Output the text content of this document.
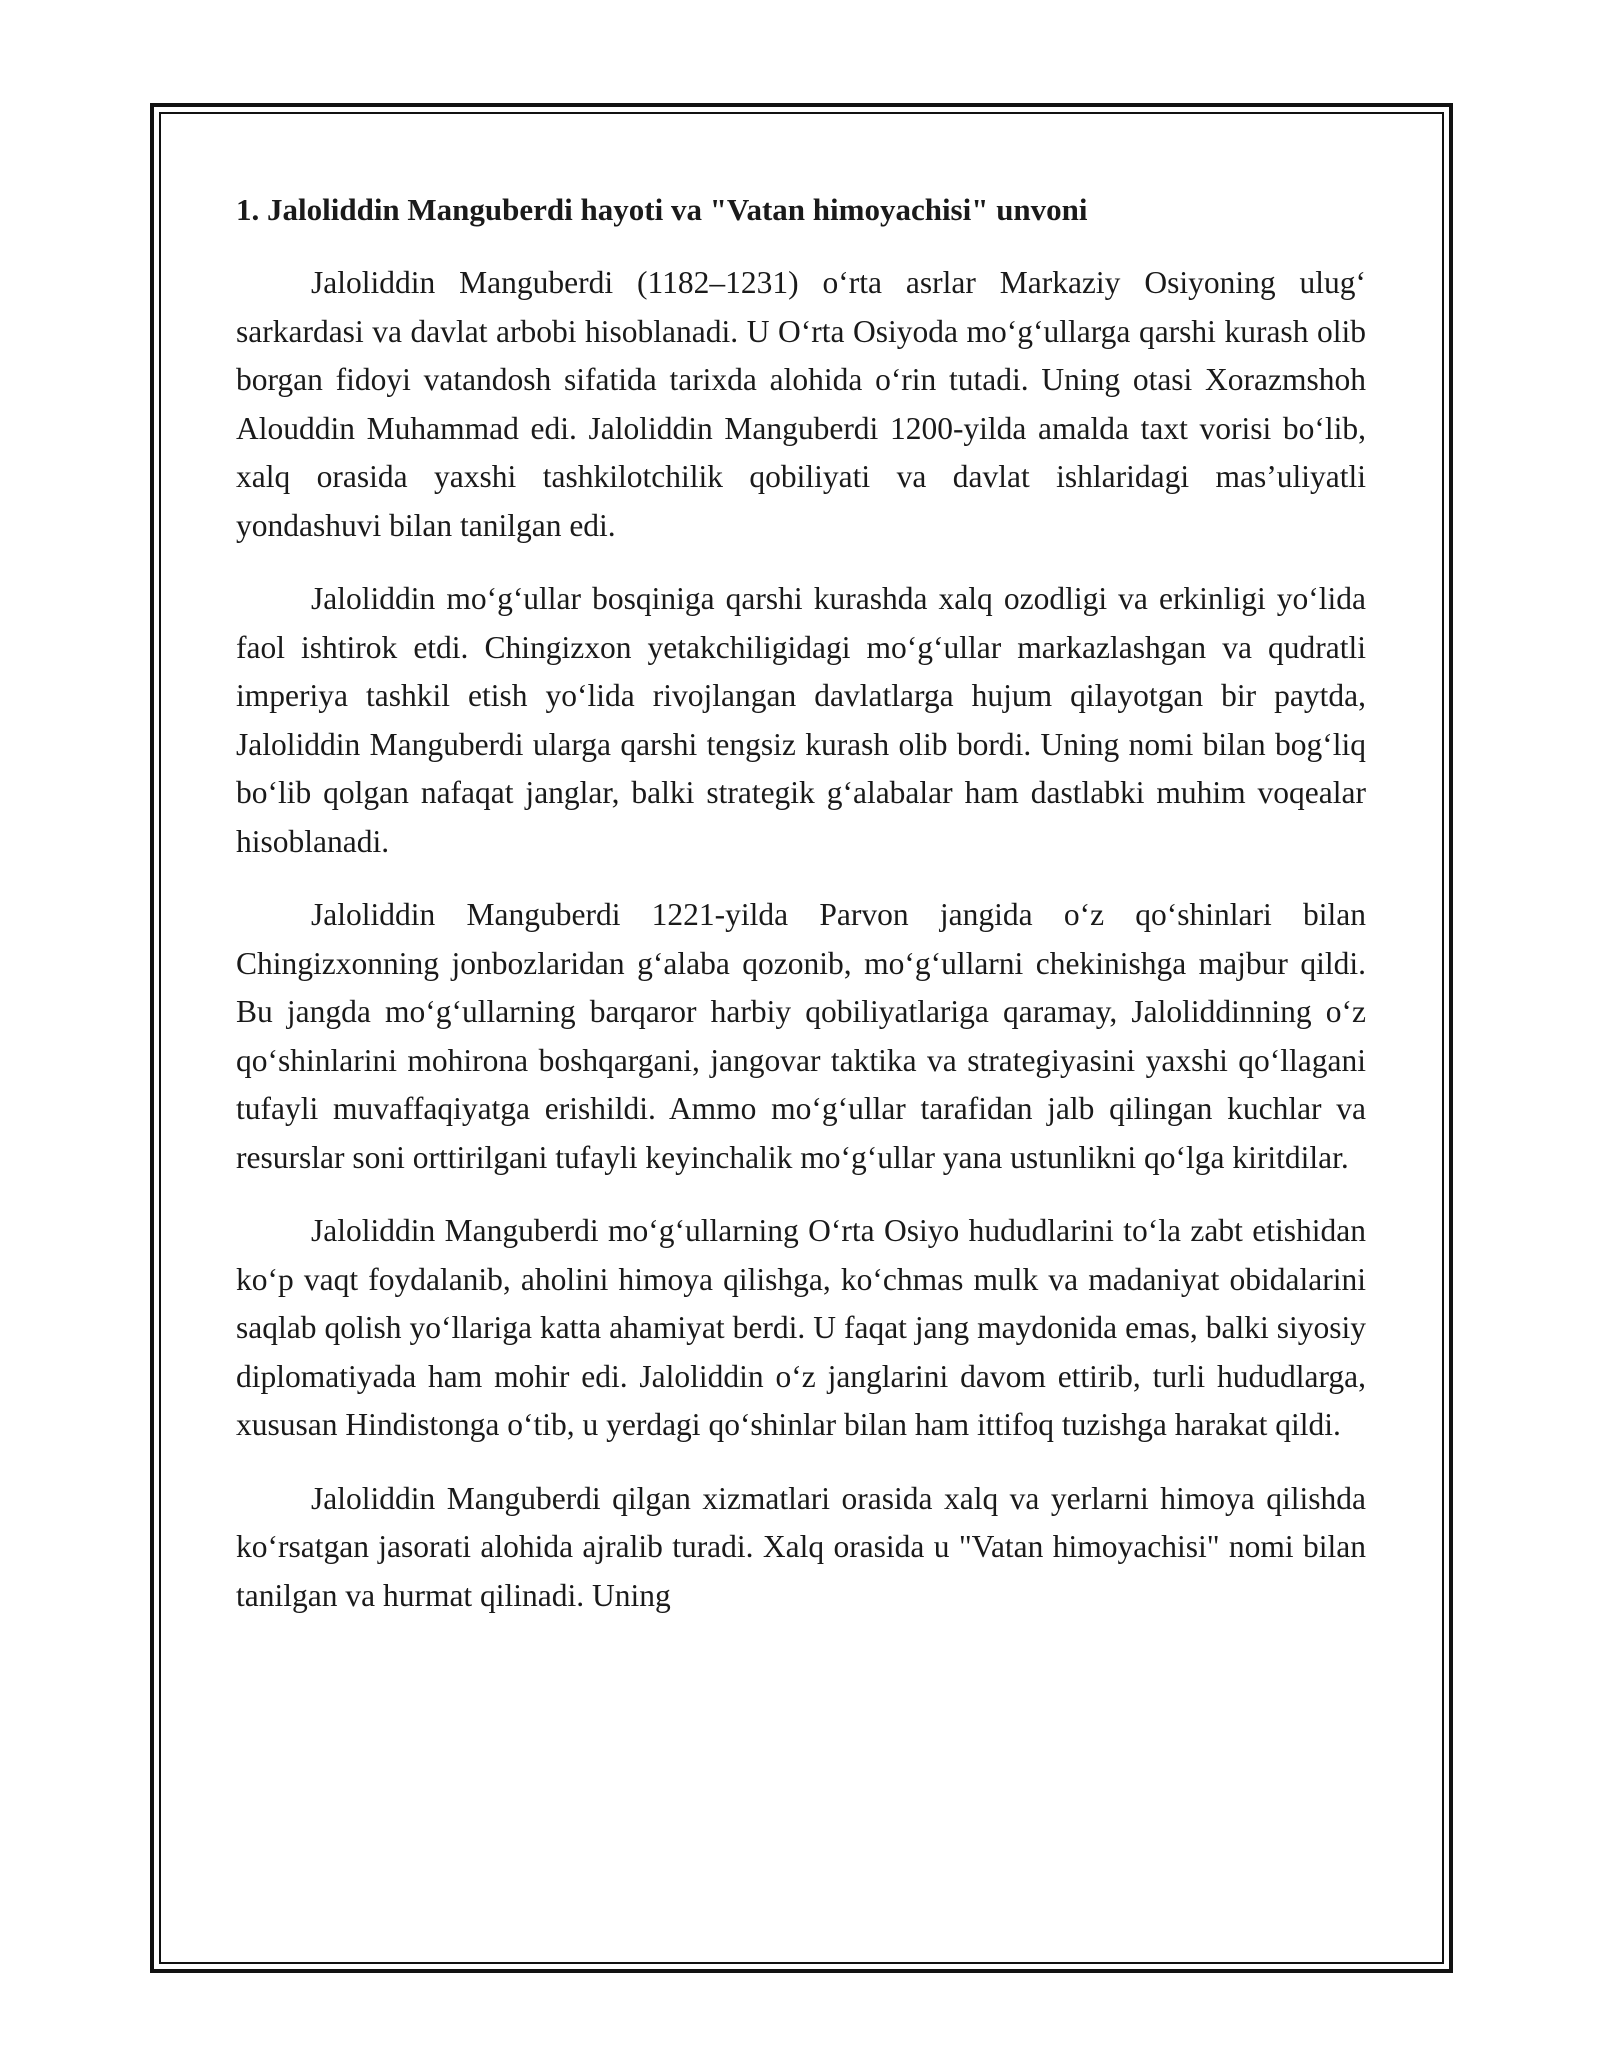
1. Jaloliddin Manguberdi hayoti va "Vatan himoyachisi" unvoni

Jaloliddin Manguberdi (1182–1231) oʻrta asrlar Markaziy Osiyoning ulugʻ sarkardasi va davlat arbobi hisoblanadi. U Oʻrta Osiyoda moʻgʻullarga qarshi kurash olib borgan fidoyi vatandosh sifatida tarixda alohida oʻrin tutadi. Uning otasi Xorazmshoh Alouddin Muhammad edi. Jaloliddin Manguberdi 1200-yilda amalda taxt vorisi boʻlib, xalq orasida yaxshi tashkilotchilik qobiliyati va davlat ishlaridagi mas’uliyatli yondashuvi bilan tanilgan edi.

Jaloliddin moʻgʻullar bosqiniga qarshi kurashda xalq ozodligi va erkinligi yoʻlida faol ishtirok etdi. Chingizxon yetakchiligidagi moʻgʻullar markazlashgan va qudratli imperiya tashkil etish yoʻlida rivojlangan davlatlarga hujum qilayotgan bir paytda, Jaloliddin Manguberdi ularga qarshi tengsiz kurash olib bordi. Uning nomi bilan bogʻliq boʻlib qolgan nafaqat janglar, balki strategik gʻalabalar ham dastlabki muhim voqealar hisoblanadi.

Jaloliddin Manguberdi 1221-yilda Parvon jangida oʻz qoʻshinlari bilan Chingizxonning jonbozlaridan gʻalaba qozonib, moʻgʻullarni chekinishga majbur qildi. Bu jangda moʻgʻullarning barqaror harbiy qobiliyatlariga qaramay, Jaloliddinning oʻz qoʻshinlarini mohirona boshqargani, jangovar taktika va strategiyasini yaxshi qoʻllagani tufayli muvaffaqiyatga erishildi. Ammo moʻgʻullar tarafidan jalb qilingan kuchlar va resurslar soni orttirilgani tufayli keyinchalik moʻgʻullar yana ustunlikni qoʻlga kiritdilar.

Jaloliddin Manguberdi moʻgʻullarning Oʻrta Osiyo hududlarini toʻla zabt etishidan koʻp vaqt foydalanib, aholini himoya qilishga, koʻchmas mulk va madaniyat obidalarini saqlab qolish yoʻllariga katta ahamiyat berdi. U faqat jang maydonida emas, balki siyosiy diplomatiyada ham mohir edi. Jaloliddin oʻz janglarini davom ettirib, turli hududlarga, xususan Hindistonga oʻtib, u yerdagi qoʻshinlar bilan ham ittifoq tuzishga harakat qildi.

Jaloliddin Manguberdi qilgan xizmatlari orasida xalq va yerlarni himoya qilishda koʻrsatgan jasorati alohida ajralib turadi. Xalq orasida u "Vatan himoyachisi" nomi bilan tanilgan va hurmat qilinadi. Uning
